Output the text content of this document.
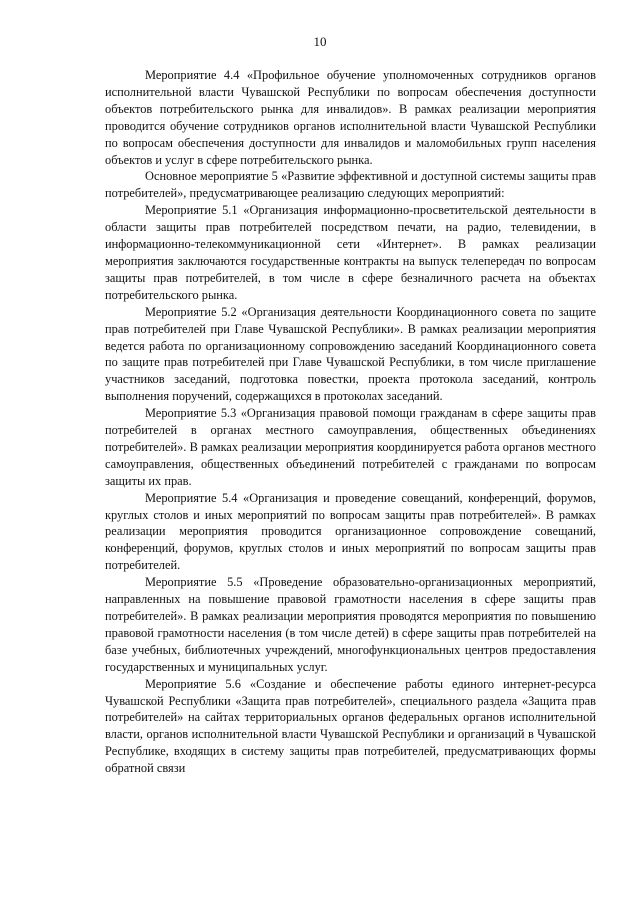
10

Мероприятие 4.4 «Профильное обучение уполномоченных сотрудников органов исполнительной власти Чувашской Республики по вопросам обеспечения доступности объектов потребительского рынка для инвалидов». В рамках реализации мероприятия проводится обучение сотрудников органов исполнительной власти Чувашской Республики по вопросам обеспечения доступности для инвалидов и маломобильных групп населения объектов и услуг в сфере потребительского рынка.

Основное мероприятие 5 «Развитие эффективной и доступной системы защиты прав потребителей», предусматривающее реализацию следующих мероприятий:

Мероприятие 5.1 «Организация информационно-просветительской деятельности в области защиты прав потребителей посредством печати, на радио, телевидении, в информационно-телекоммуникационной сети «Интернет». В рамках реализации мероприятия заключаются государственные контракты на выпуск телепередач по вопросам защиты прав потребителей, в том числе в сфере безналичного расчета на объектах потребительского рынка.

Мероприятие 5.2 «Организация деятельности Координационного совета по защите прав потребителей при Главе Чувашской Республики». В рамках реализации мероприятия ведется работа по организационному сопровождению заседаний Координационного совета по защите прав потребителей при Главе Чувашской Республики, в том числе приглашение участников заседаний, подготовка повестки, проекта протокола заседаний, контроль выполнения поручений, содержащихся в протоколах заседаний.

Мероприятие 5.3 «Организация правовой помощи гражданам в сфере защиты прав потребителей в органах местного самоуправления, общественных объединениях потребителей». В рамках реализации мероприятия координируется работа органов местного самоуправления, общественных объединений потребителей с гражданами по вопросам защиты их прав.

Мероприятие 5.4 «Организация и проведение совещаний, конференций, форумов, круглых столов и иных мероприятий по вопросам защиты прав потребителей». В рамках реализации мероприятия проводится организационное сопровождение совещаний, конференций, форумов, круглых столов и иных мероприятий по вопросам защиты прав потребителей.

Мероприятие 5.5 «Проведение образовательно-организационных мероприятий, направленных на повышение правовой грамотности населения в сфере защиты прав потребителей». В рамках реализации мероприятия проводятся мероприятия по повышению правовой грамотности населения (в том числе детей) в сфере защиты прав потребителей на базе учебных, библиотечных учреждений, многофункциональных центров предоставления государственных и муниципальных услуг.

Мероприятие 5.6 «Создание и обеспечение работы единого интернет-ресурса Чувашской Республики «Защита прав потребителей», специального раздела «Защита прав потребителей» на сайтах территориальных органов федеральных органов исполнительной власти, органов исполнительной власти Чувашской Республики и организаций в Чувашской Республике, входящих в систему защиты прав потребителей, предусматривающих формы обратной связи
